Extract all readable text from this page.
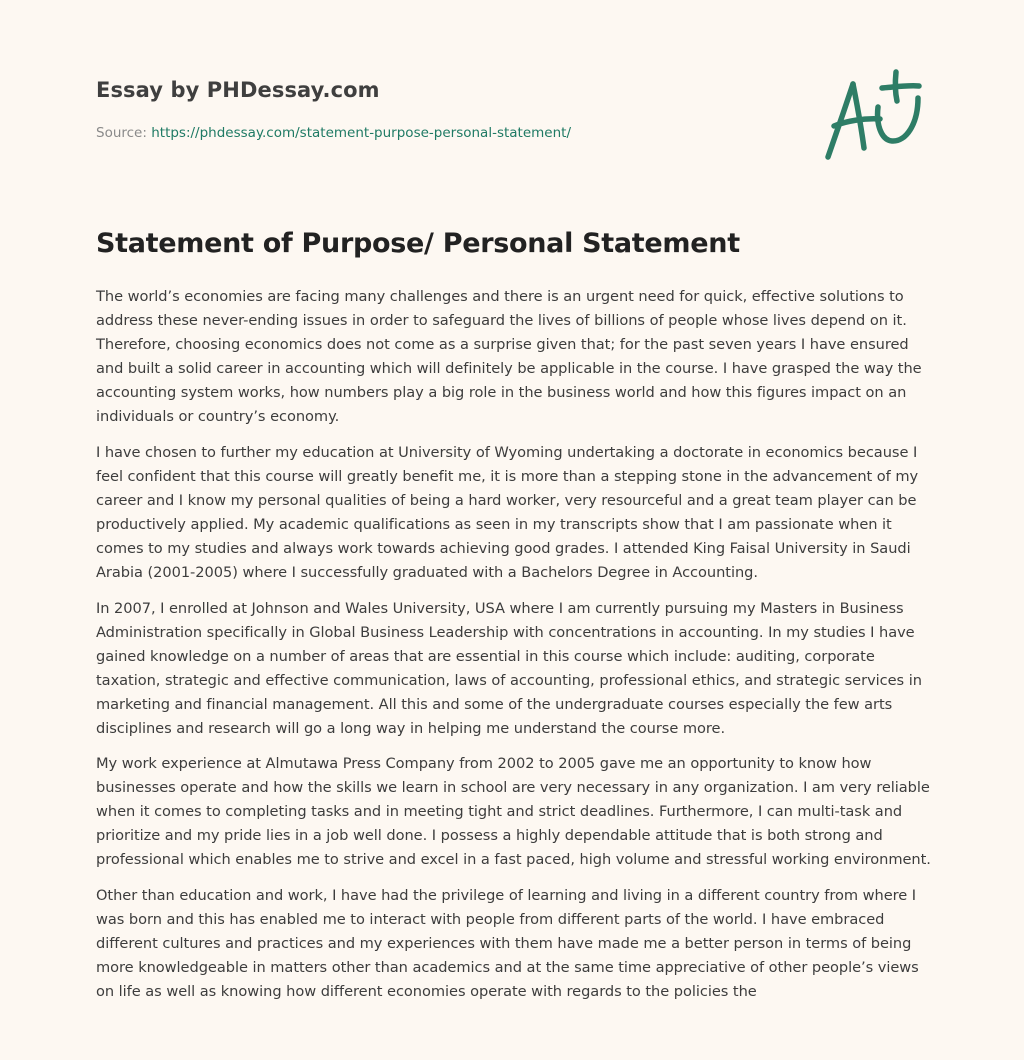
Essay by PHDessay.com
Source: https://phdessay.com/statement-purpose-personal-statement/
Statement of Purpose/ Personal Statement

The world’s economies are facing many challenges and there is an urgent need for quick, effective solutions to address these never-ending issues in order to safeguard the lives of billions of people whose lives depend on it. Therefore, choosing economics does not come as a surprise given that; for the past seven years I have ensured and built a solid career in accounting which will definitely be applicable in the course. I have grasped the way the accounting system works, how numbers play a big role in the business world and how this figures impact on an individuals or country’s economy.

I have chosen to further my education at University of Wyoming undertaking a doctorate in economics because I feel confident that this course will greatly benefit me, it is more than a stepping stone in the advancement of my career and I know my personal qualities of being a hard worker, very resourceful and a great team player can be productively applied. My academic qualifications as seen in my transcripts show that I am passionate when it comes to my studies and always work towards achieving good grades. I attended King Faisal University in Saudi Arabia (2001-2005) where I successfully graduated with a Bachelors Degree in Accounting.

In 2007, I enrolled at Johnson and Wales University, USA where I am currently pursuing my Masters in Business Administration specifically in Global Business Leadership with concentrations in accounting. In my studies I have gained knowledge on a number of areas that are essential in this course which include: auditing, corporate taxation, strategic and effective communication, laws of accounting, professional ethics, and strategic services in marketing and financial management. All this and some of the undergraduate courses especially the few arts disciplines and research will go a long way in helping me understand the course more.

My work experience at Almutawa Press Company from 2002 to 2005 gave me an opportunity to know how businesses operate and how the skills we learn in school are very necessary in any organization. I am very reliable when it comes to completing tasks and in meeting tight and strict deadlines. Furthermore, I can multi-task and prioritize and my pride lies in a job well done. I possess a highly dependable attitude that is both strong and professional which enables me to strive and excel in a fast paced, high volume and stressful working environment.

Other than education and work, I have had the privilege of learning and living in a different country from where I was born and this has enabled me to interact with people from different parts of the world. I have embraced different cultures and practices and my experiences with them have made me a better person in terms of being more knowledgeable in matters other than academics and at the same time appreciative of other people’s views on life as well as knowing how different economies operate with regards to the policies the
